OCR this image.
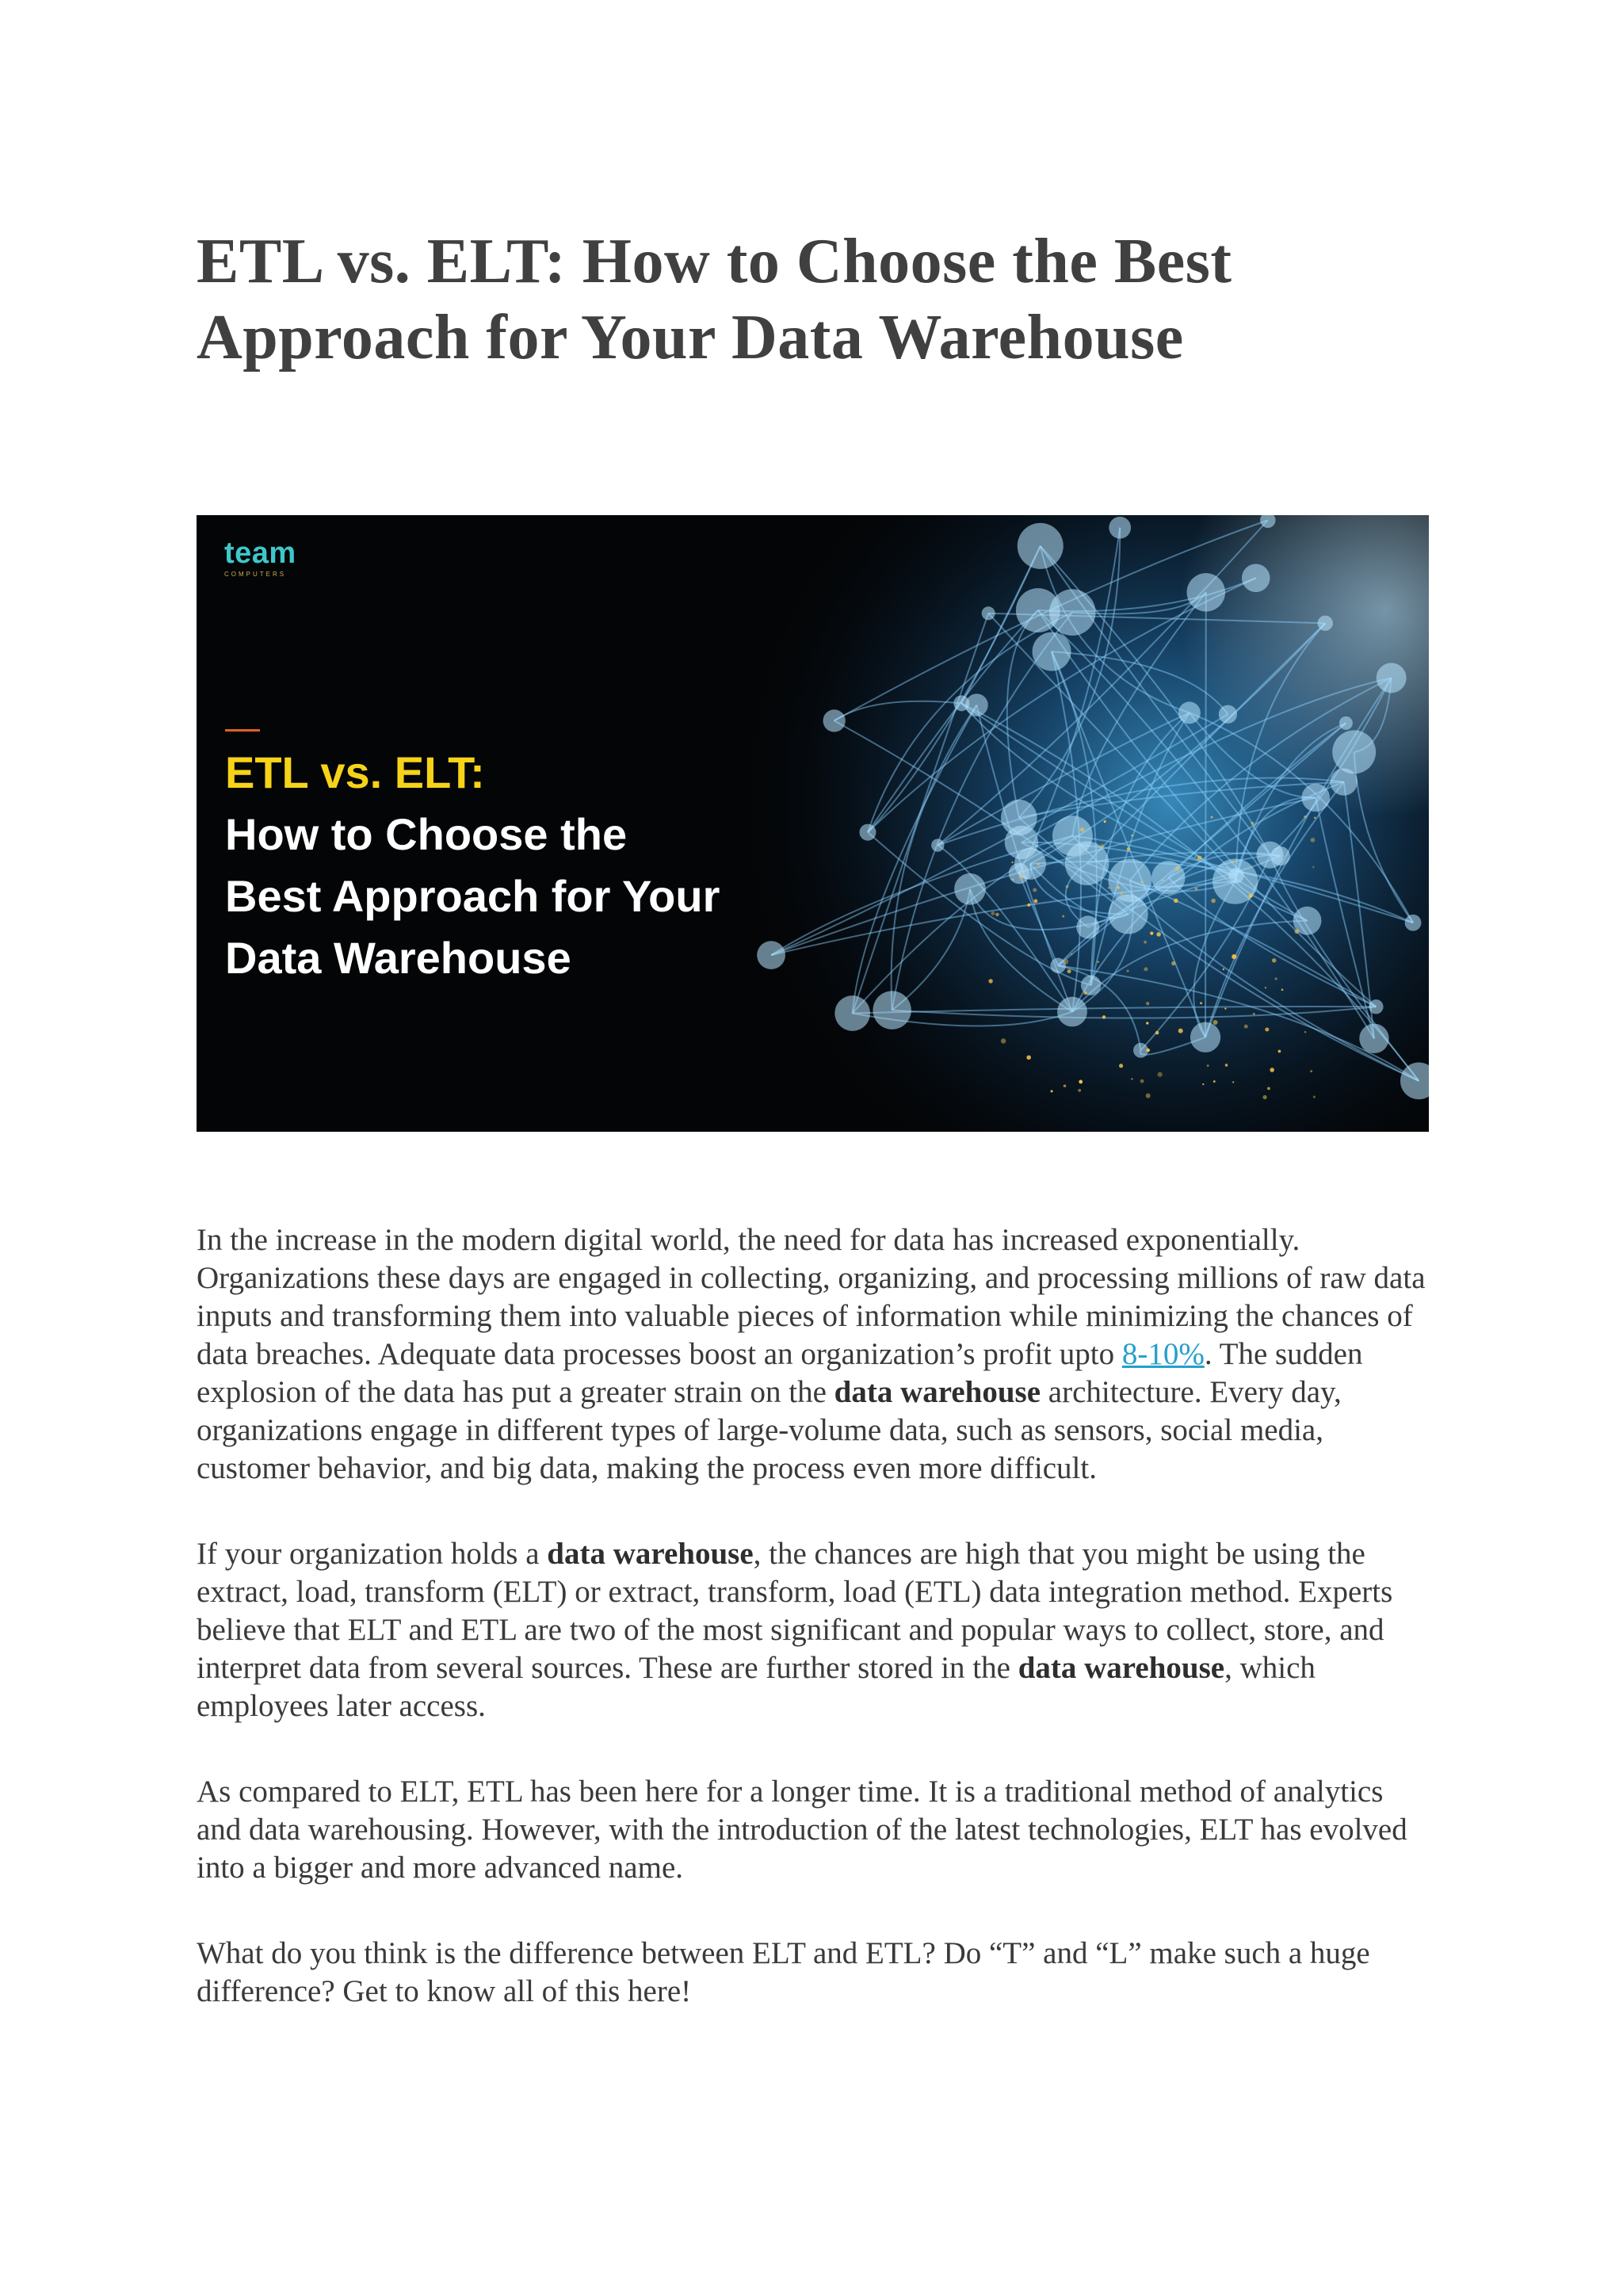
ETL vs. ELT: How to Choose the Best
Approach for Your Data Warehouse
team
COMPUTERS
ETL vs. ELT:
How to Choose the
Best Approach for Your
Data Warehouse

In the increase in the modern digital world, the need for data has increased exponentially. Organizations these days are engaged in collecting, organizing, and processing millions of raw data inputs and transforming them into valuable pieces of information while minimizing the chances of data breaches. Adequate data processes boost an organization’s profit upto 8-10%. The sudden explosion of the data has put a greater strain on the data warehouse architecture. Every day, organizations engage in different types of large-volume data, such as sensors, social media, customer behavior, and big data, making the process even more difficult.

If your organization holds a data warehouse, the chances are high that you might be using the extract, load, transform (ELT) or extract, transform, load (ETL) data integration method. Experts believe that ELT and ETL are two of the most significant and popular ways to collect, store, and interpret data from several sources. These are further stored in the data warehouse, which employees later access.

As compared to ELT, ETL has been here for a longer time. It is a traditional method of analytics and data warehousing. However, with the introduction of the latest technologies, ELT has evolved into a bigger and more advanced name.

What do you think is the difference between ELT and ETL? Do “T” and “L” make such a huge difference? Get to know all of this here!
